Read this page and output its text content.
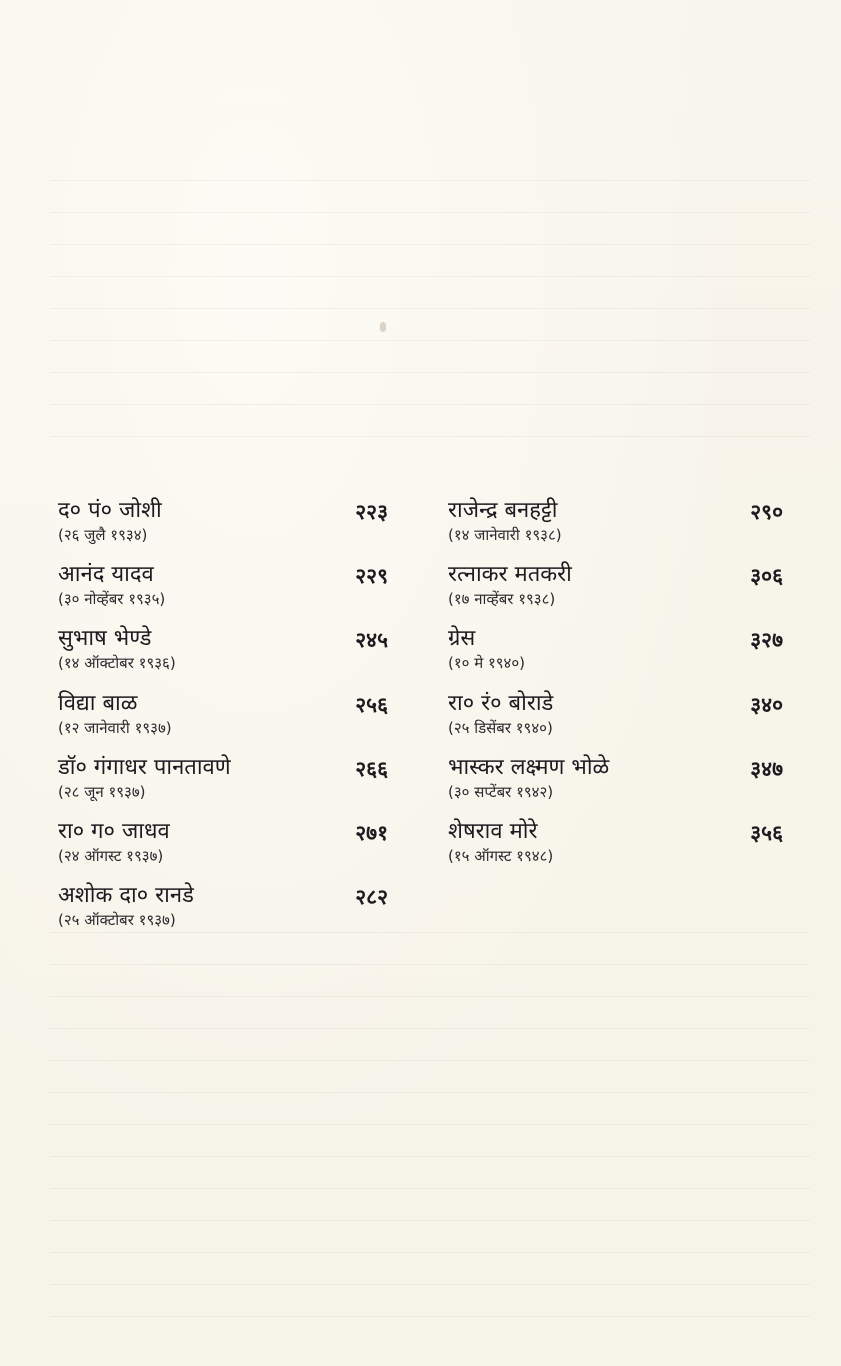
द० पं० जोशी
(२६ जुलै १९३४)
२२३
आनंद यादव
(३० नोव्हेंबर १९३५)
२२९
सुभाष भेण्डे
(१४ ऑक्टोबर १९३६)
२४५
विद्या बाळ
(१२ जानेवारी १९३७)
२५६
डॉ० गंगाधर पानतावणे
(२८ जून १९३७)
२६६
रा० ग० जाधव
(२४ ऑगस्ट १९३७)
२७१
अशोक दा० रानडे
(२५ ऑक्टोबर १९३७)
२८२
राजेन्द्र बनहट्टी
(१४ जानेवारी १९३८)
२९०
रत्नाकर मतकरी
(१७ नाव्हेंबर १९३८)
३०६
ग्रेस
(१० मे १९४०)
३२७
रा० रं० बोराडे
(२५ डिसेंबर १९४०)
३४०
भास्कर लक्ष्मण भोळे
(३० सप्टेंबर १९४२)
३४७
शेषराव मोरे
(१५ ऑगस्ट १९४८)
३५६
